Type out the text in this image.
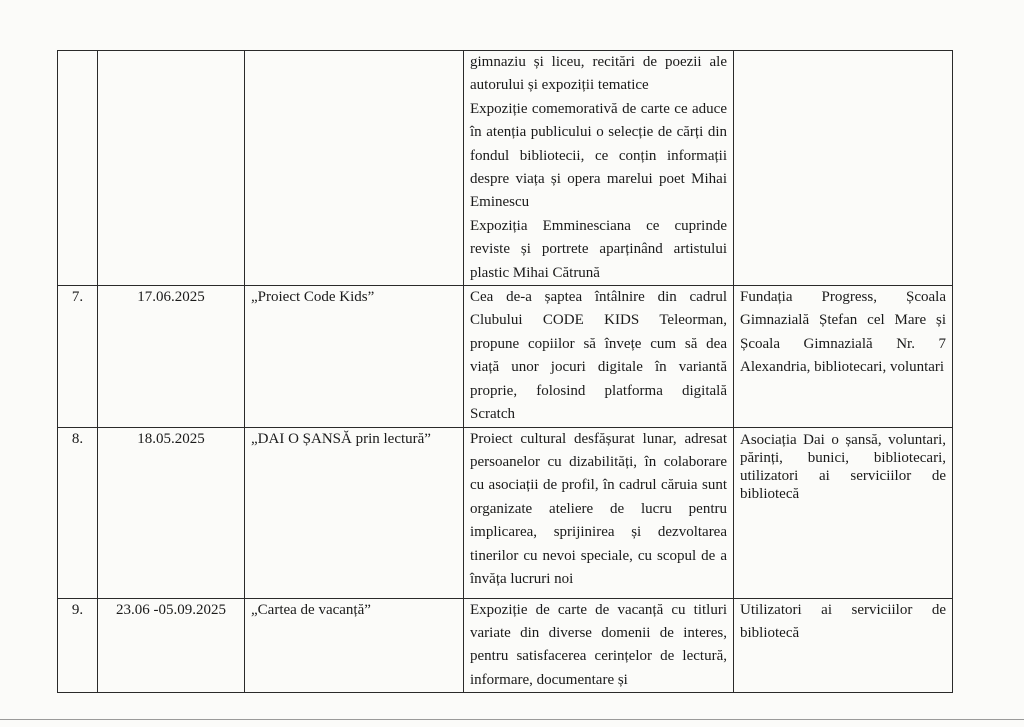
			gimnaziu și liceu, recitări de poezii ale autorului și expoziții tematice
Expoziție comemorativă de carte ce aduce în atenția publicului o selecție de cărți din fondul bibliotecii, ce conțin informații despre viața și opera marelui poet Mihai Eminescu
Expoziția Emminesciana ce cuprinde reviste și portrete aparținând artistului plastic Mihai Cătrună	

7.	17.06.2025	„Proiect Code Kids”	Cea de-a șaptea întâlnire din cadrul Clubului CODE KIDS Teleorman, propune copiilor să învețe cum să dea viață unor jocuri digitale în variantă proprie, folosind platforma digitală Scratch	Fundația Progress, Școala Gimnazială Ștefan cel Mare și Școala Gimnazială Nr. 7 Alexandria, bibliotecari, voluntari

8.	18.05.2025	„DAI O ȘANSĂ prin lectură”	Proiect cultural desfășurat lunar, adresat persoanelor cu dizabilități, în colaborare cu asociații de profil, în cadrul căruia sunt organizate ateliere de lucru pentru implicarea, sprijinirea și dezvoltarea tinerilor cu nevoi speciale, cu scopul de a învăța lucruri noi	Asociația Dai o șansă, voluntari, părinți, bunici, bibliotecari, utilizatori ai serviciilor de bibliotecă

9.	23.06 -05.09.2025	„Cartea de vacanță”	Expoziție de carte de vacanță cu titluri variate din diverse domenii de interes, pentru satisfacerea cerințelor de lectură, informare, documentare și	Utilizatori ai serviciilor de bibliotecă
